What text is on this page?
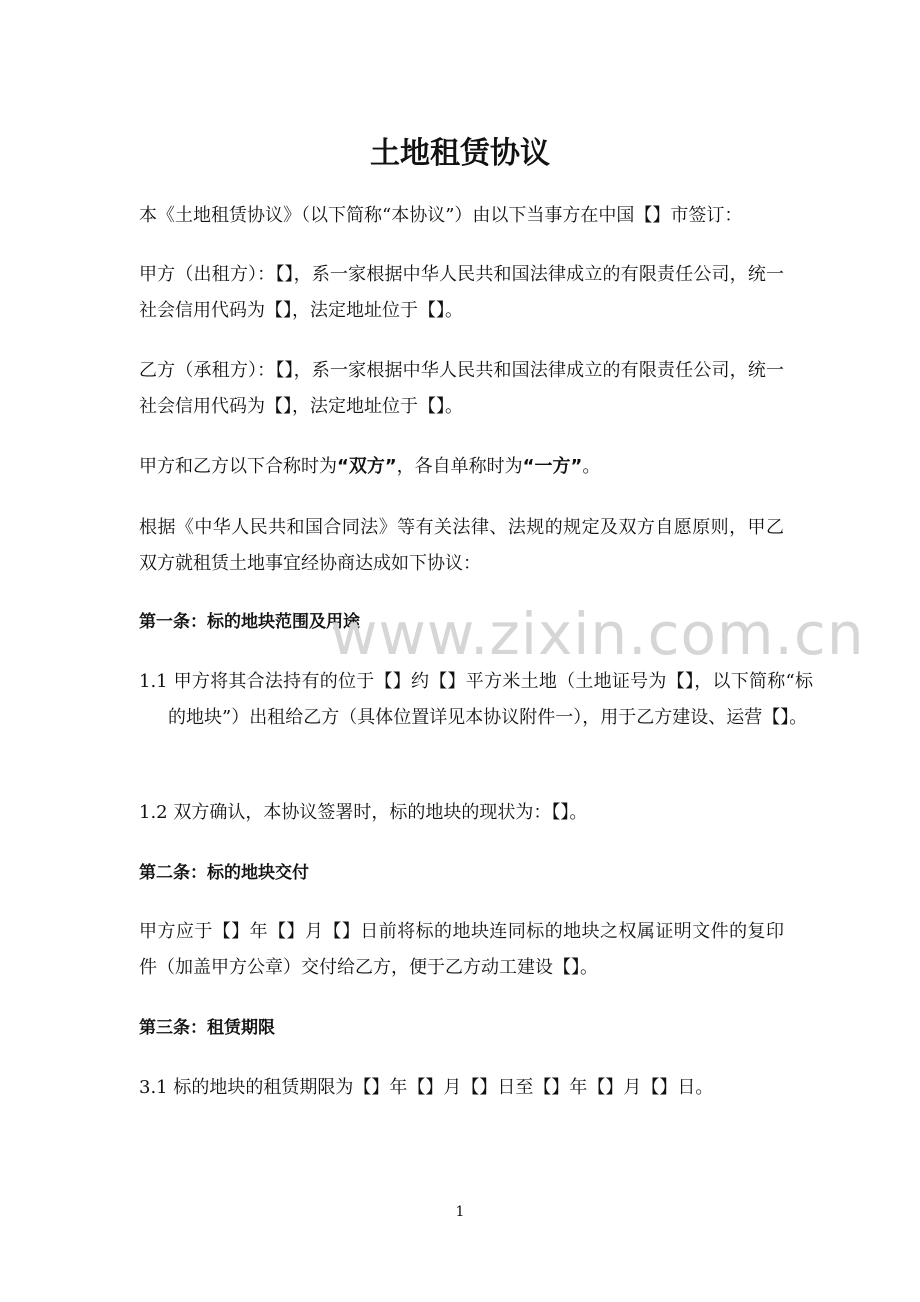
土地租赁协议

本《土地租赁协议》（以下简称“本协议”）由以下当事方在中国【】市签订：

甲方（出租方）：【】，系一家根据中华人民共和国法律成立的有限责任公司，统一社会信用代码为【】，法定地址位于【】。

乙方（承租方）：【】，系一家根据中华人民共和国法律成立的有限责任公司，统一社会信用代码为【】，法定地址位于【】。

甲方和乙方以下合称时为“双方”，各自单称时为“一方”。

根据《中华人民共和国合同法》等有关法律、法规的规定及双方自愿原则，甲乙双方就租赁土地事宜经协商达成如下协议：

第一条：标的地块范围及用途

1.1 甲方将其合法持有的位于【】约【】平方米土地（土地证号为【】，以下简称“标的地块”）出租给乙方（具体位置详见本协议附件一），用于乙方建设、运营【】。

1.2 双方确认，本协议签署时，标的地块的现状为：【】。

第二条：标的地块交付

甲方应于【】年【】月【】日前将标的地块连同标的地块之权属证明文件的复印件（加盖甲方公章）交付给乙方，便于乙方动工建设【】。

第三条：租赁期限

3.1 标的地块的租赁期限为【】年【】月【】日至【】年【】月【】日。

www.zixin.com.cn
1
